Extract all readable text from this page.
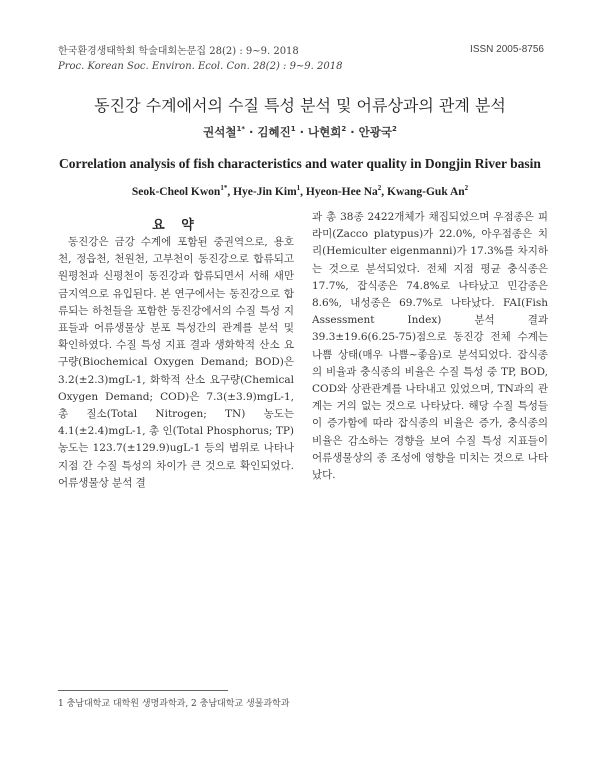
한국환경생태학회 학술대회논문집 28(2) : 9~9. 2018
Proc. Korean Soc. Environ. Ecol. Con. 28(2) : 9~9. 2018
ISSN 2005-8756
동진강 수계에서의 수질 특성 분석 및 어류상과의 관계 분석
권석철$^{1*}$ · 김혜진$^1$ · 나현희$^2$ · 안광국$^2$
Correlation analysis of fish characteristics and water quality in Dongjin River basin
Seok-Cheol Kwon$^{1*}$, Hye-Jin Kim$^1$, Hyeon-Hee Na$^2$, Kwang-Guk An$^2$
요 약

동진강은 금강 수계에 포함된 중권역으로, 용호천, 정읍천, 천원천, 고부천이 동진강으로 합류되고 원평천과 신평천이 동진강과 합류되면서 서해 새만금지역으로 유입된다. 본 연구에서는 동진강으로 합류되는 하천들을 포함한 동진강에서의 수질 특성 지표들과 어류생물상 분포 특성간의 관계를 분석 및 확인하였다. 수질 특성 지표 결과 생화학적 산소 요구량(Biochemical Oxygen Demand; BOD)은 3.2(±2.3)mgL-1, 화학적 산소 요구량(Chemical Oxygen Demand; COD)은 7.3(±3.9)mgL-1, 총 질소(Total Nitrogen; TN) 농도는 4.1(±2.4)mgL-1, 총 인(Total Phosphorus; TP)농도는 123.7(±129.9)ugL-1 등의 범위로 나타나 지점 간 수질 특성의 차이가 큰 것으로 확인되었다. 어류생물상 분석 결

과 총 38종 2422개체가 채집되었으며 우점종은 피라미(Zacco platypus)가 22.0%, 아우점종은 치리(Hemiculter eigenmanni)가 17.3%를 차지하는 것으로 분석되었다. 전체 지점 평균 충식종은 17.7%, 잡식종은 74.8%로 나타났고 민감종은 8.6%, 내성종은 69.7%로 나타났다. FAI(Fish Assessment Index) 분석 결과 39.3±19.6(6.25-75)점으로 동진강 전체 수계는 나쁨 상태(매우 나쁨~좋음)로 분석되었다. 잡식종의 비율과 충식종의 비율은 수질 특성 중 TP, BOD, COD와 상관관계를 나타내고 있었으며, TN과의 관계는 거의 없는 것으로 나타났다. 해당 수질 특성들이 증가함에 따라 잡식종의 비율은 증가, 충식종의 비율은 감소하는 경향을 보여 수질 특성 지표들이 어류생물상의 종 조성에 영향을 미치는 것으로 나타났다.

1 충남대학교 대학원 생명과학과, 2 충남대학교 생물과학과
